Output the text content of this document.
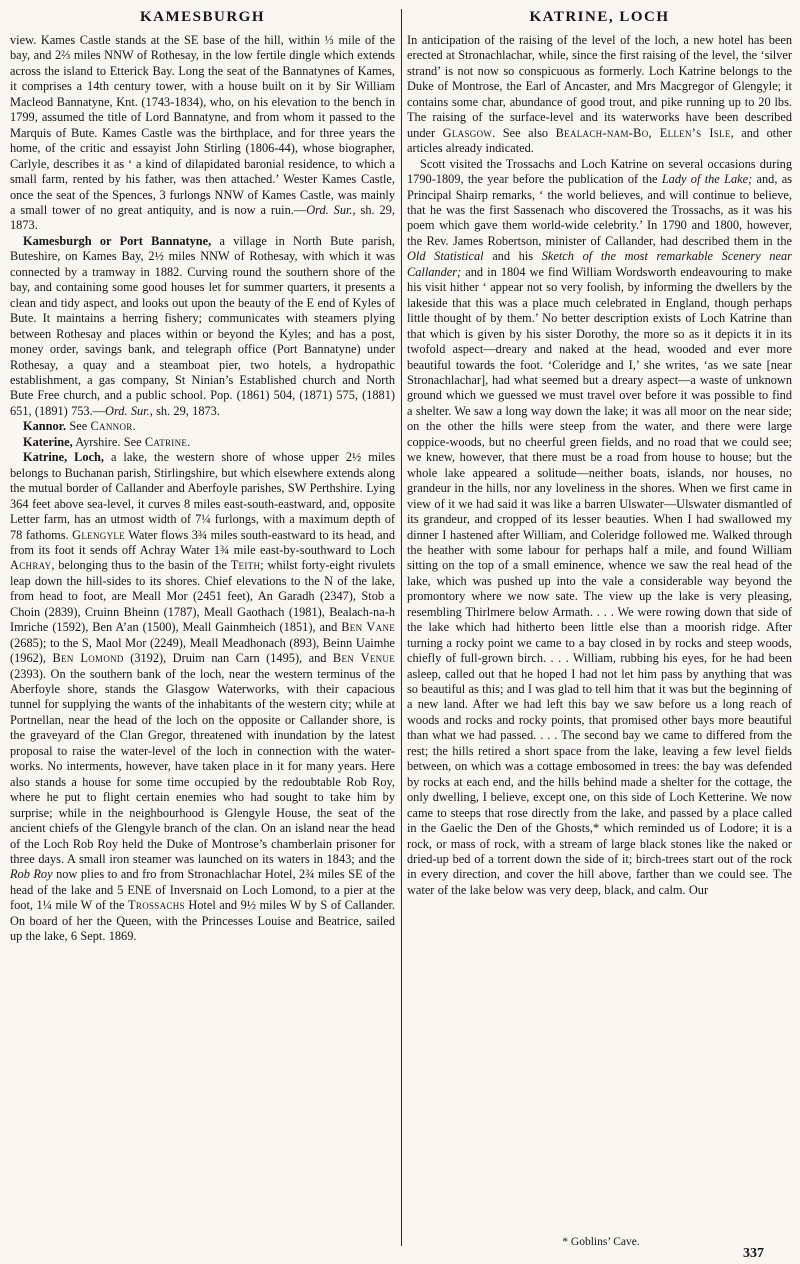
KAMESBURGH

view. Kames Castle stands at the SE base of the hill, within ⅓ mile of the bay, and 2⅔ miles NNW of Rothesay, in the low fertile dingle which extends across the island to Etterick Bay. Long the seat of the Bannatynes of Kames, it comprises a 14th century tower, with a house built on it by Sir William Macleod Bannatyne, Knt. (1743-1834), who, on his elevation to the bench in 1799, assumed the title of Lord Bannatyne, and from whom it passed to the Marquis of Bute. Kames Castle was the birthplace, and for three years the home, of the critic and essayist John Stirling (1806-44), whose biographer, Carlyle, describes it as ‘ a kind of dilapidated baronial residence, to which a small farm, rented by his father, was then attached.’ Wester Kames Castle, once the seat of the Spences, 3 furlongs NNW of Kames Castle, was mainly a small tower of no great antiquity, and is now a ruin.—Ord. Sur., sh. 29, 1873.

Kamesburgh or Port Bannatyne, a village in North Bute parish, Buteshire, on Kames Bay, 2½ miles NNW of Rothesay, with which it was connected by a tramway in 1882. Curving round the southern shore of the bay, and containing some good houses let for summer quarters, it presents a clean and tidy aspect, and looks out upon the beauty of the E end of Kyles of Bute. It maintains a herring fishery; communicates with steamers plying between Rothesay and places within or beyond the Kyles; and has a post, money order, savings bank, and telegraph office (Port Bannatyne) under Rothesay, a quay and a steamboat pier, two hotels, a hydropathic establishment, a gas company, St Ninian’s Established church and North Bute Free church, and a public school. Pop. (1861) 504, (1871) 575, (1881) 651, (1891) 753.—Ord. Sur., sh. 29, 1873.

Kannor. See Cannor.

Katerine, Ayrshire. See Catrine.

Katrine, Loch, a lake, the western shore of whose upper 2½ miles belongs to Buchanan parish, Stirlingshire, but which elsewhere extends along the mutual border of Callander and Aberfoyle parishes, SW Perthshire. Lying 364 feet above sea-level, it curves 8 miles east-south-eastward, and, opposite Letter farm, has an utmost width of 7¼ furlongs, with a maximum depth of 78 fathoms. Glengyle Water flows 3¾ miles south-eastward to its head, and from its foot it sends off Achray Water 1¾ mile east-by-southward to Loch Achray, belonging thus to the basin of the Teith; whilst forty-eight rivulets leap down the hill-sides to its shores. Chief elevations to the N of the lake, from head to foot, are Meall Mor (2451 feet), An Garadh (2347), Stob a Choin (2839), Cruinn Bheinn (1787), Meall Gaothach (1981), Bealach-na-h Imriche (1592), Ben A’an (1500), Meall Gainmheich (1851), and Ben Vane (2685); to the S, Maol Mor (2249), Meall Meadhonach (893), Beinn Uaimhe (1962), Ben Lomond (3192), Druim nan Carn (1495), and Ben Venue (2393). On the southern bank of the loch, near the western terminus of the Aberfoyle shore, stands the Glasgow Waterworks, with their capacious tunnel for supplying the wants of the inhabitants of the western city; while at Portnellan, near the head of the loch on the opposite or Callander shore, is the graveyard of the Clan Gregor, threatened with inundation by the latest proposal to raise the water-level of the loch in connection with the water-works. No interments, however, have taken place in it for many years. Here also stands a house for some time occupied by the redoubtable Rob Roy, where he put to flight certain enemies who had sought to take him by surprise; while in the neighbourhood is Glengyle House, the seat of the ancient chiefs of the Glengyle branch of the clan. On an island near the head of the Loch Rob Roy held the Duke of Montrose’s chamberlain prisoner for three days. A small iron steamer was launched on its waters in 1843; and the Rob Roy now plies to and fro from Stronachlachar Hotel, 2¾ miles SE of the head of the lake and 5 ENE of Inversnaid on Loch Lomond, to a pier at the foot, 1¼ mile W of the Trossachs Hotel and 9½ miles W by S of Callander. On board of her the Queen, with the Princesses Louise and Beatrice, sailed up the lake, 6 Sept. 1869.

KATRINE, LOCH

In anticipation of the raising of the level of the loch, a new hotel has been erected at Stronachlachar, while, since the first raising of the level, the ‘silver strand’ is not now so conspicuous as formerly. Loch Katrine belongs to the Duke of Montrose, the Earl of Ancaster, and Mrs Macgregor of Glengyle; it contains some char, abundance of good trout, and pike running up to 20 lbs. The raising of the surface-level and its waterworks have been described under Glasgow. See also Bealach-nam-Bo, Ellen’s Isle, and other articles already indicated.

Scott visited the Trossachs and Loch Katrine on several occasions during 1790-1809, the year before the publication of the Lady of the Lake; and, as Principal Shairp remarks, ‘ the world believes, and will continue to believe, that he was the first Sassenach who discovered the Trossachs, as it was his poem which gave them world-wide celebrity.’ In 1790 and 1800, however, the Rev. James Robertson, minister of Callander, had described them in the Old Statistical and his Sketch of the most remarkable Scenery near Callander; and in 1804 we find William Wordsworth endeavouring to make his visit hither ‘ appear not so very foolish, by informing the dwellers by the lakeside that this was a place much celebrated in England, though perhaps little thought of by them.’ No better description exists of Loch Katrine than that which is given by his sister Dorothy, the more so as it depicts it in its twofold aspect—dreary and naked at the head, wooded and ever more beautiful towards the foot. ‘Coleridge and I,’ she writes, ‘as we sate [near Stronachlachar], had what seemed but a dreary aspect—a waste of unknown ground which we guessed we must travel over before it was possible to find a shelter. We saw a long way down the lake; it was all moor on the near side; on the other the hills were steep from the water, and there were large coppice-woods, but no cheerful green fields, and no road that we could see; we knew, however, that there must be a road from house to house; but the whole lake appeared a solitude—neither boats, islands, nor houses, no grandeur in the hills, nor any loveliness in the shores. When we first came in view of it we had said it was like a barren Ulswater—Ulswater dismantled of its grandeur, and cropped of its lesser beauties. When I had swallowed my dinner I hastened after William, and Coleridge followed me. Walked through the heather with some labour for perhaps half a mile, and found William sitting on the top of a small eminence, whence we saw the real head of the lake, which was pushed up into the vale a considerable way beyond the promontory where we now sate. The view up the lake is very pleasing, resembling Thirlmere below Armath. . . . We were rowing down that side of the lake which had hitherto been little else than a moorish ridge. After turning a rocky point we came to a bay closed in by rocks and steep woods, chiefly of full-grown birch. . . . William, rubbing his eyes, for he had been asleep, called out that he hoped I had not let him pass by anything that was so beautiful as this; and I was glad to tell him that it was but the beginning of a new land. After we had left this bay we saw before us a long reach of woods and rocks and rocky points, that promised other bays more beautiful than what we had passed. . . . The second bay we came to differed from the rest; the hills retired a short space from the lake, leaving a few level fields between, on which was a cottage embosomed in trees: the bay was defended by rocks at each end, and the hills behind made a shelter for the cottage, the only dwelling, I believe, except one, on this side of Loch Ketterine. We now came to steeps that rose directly from the lake, and passed by a place called in the Gaelic the Den of the Ghosts,* which reminded us of Lodore; it is a rock, or mass of rock, with a stream of large black stones like the naked or dried-up bed of a torrent down the side of it; birch-trees start out of the rock in every direction, and cover the hill above, farther than we could see. The water of the lake below was very deep, black, and calm. Our

* Goblins’ Cave.
337
